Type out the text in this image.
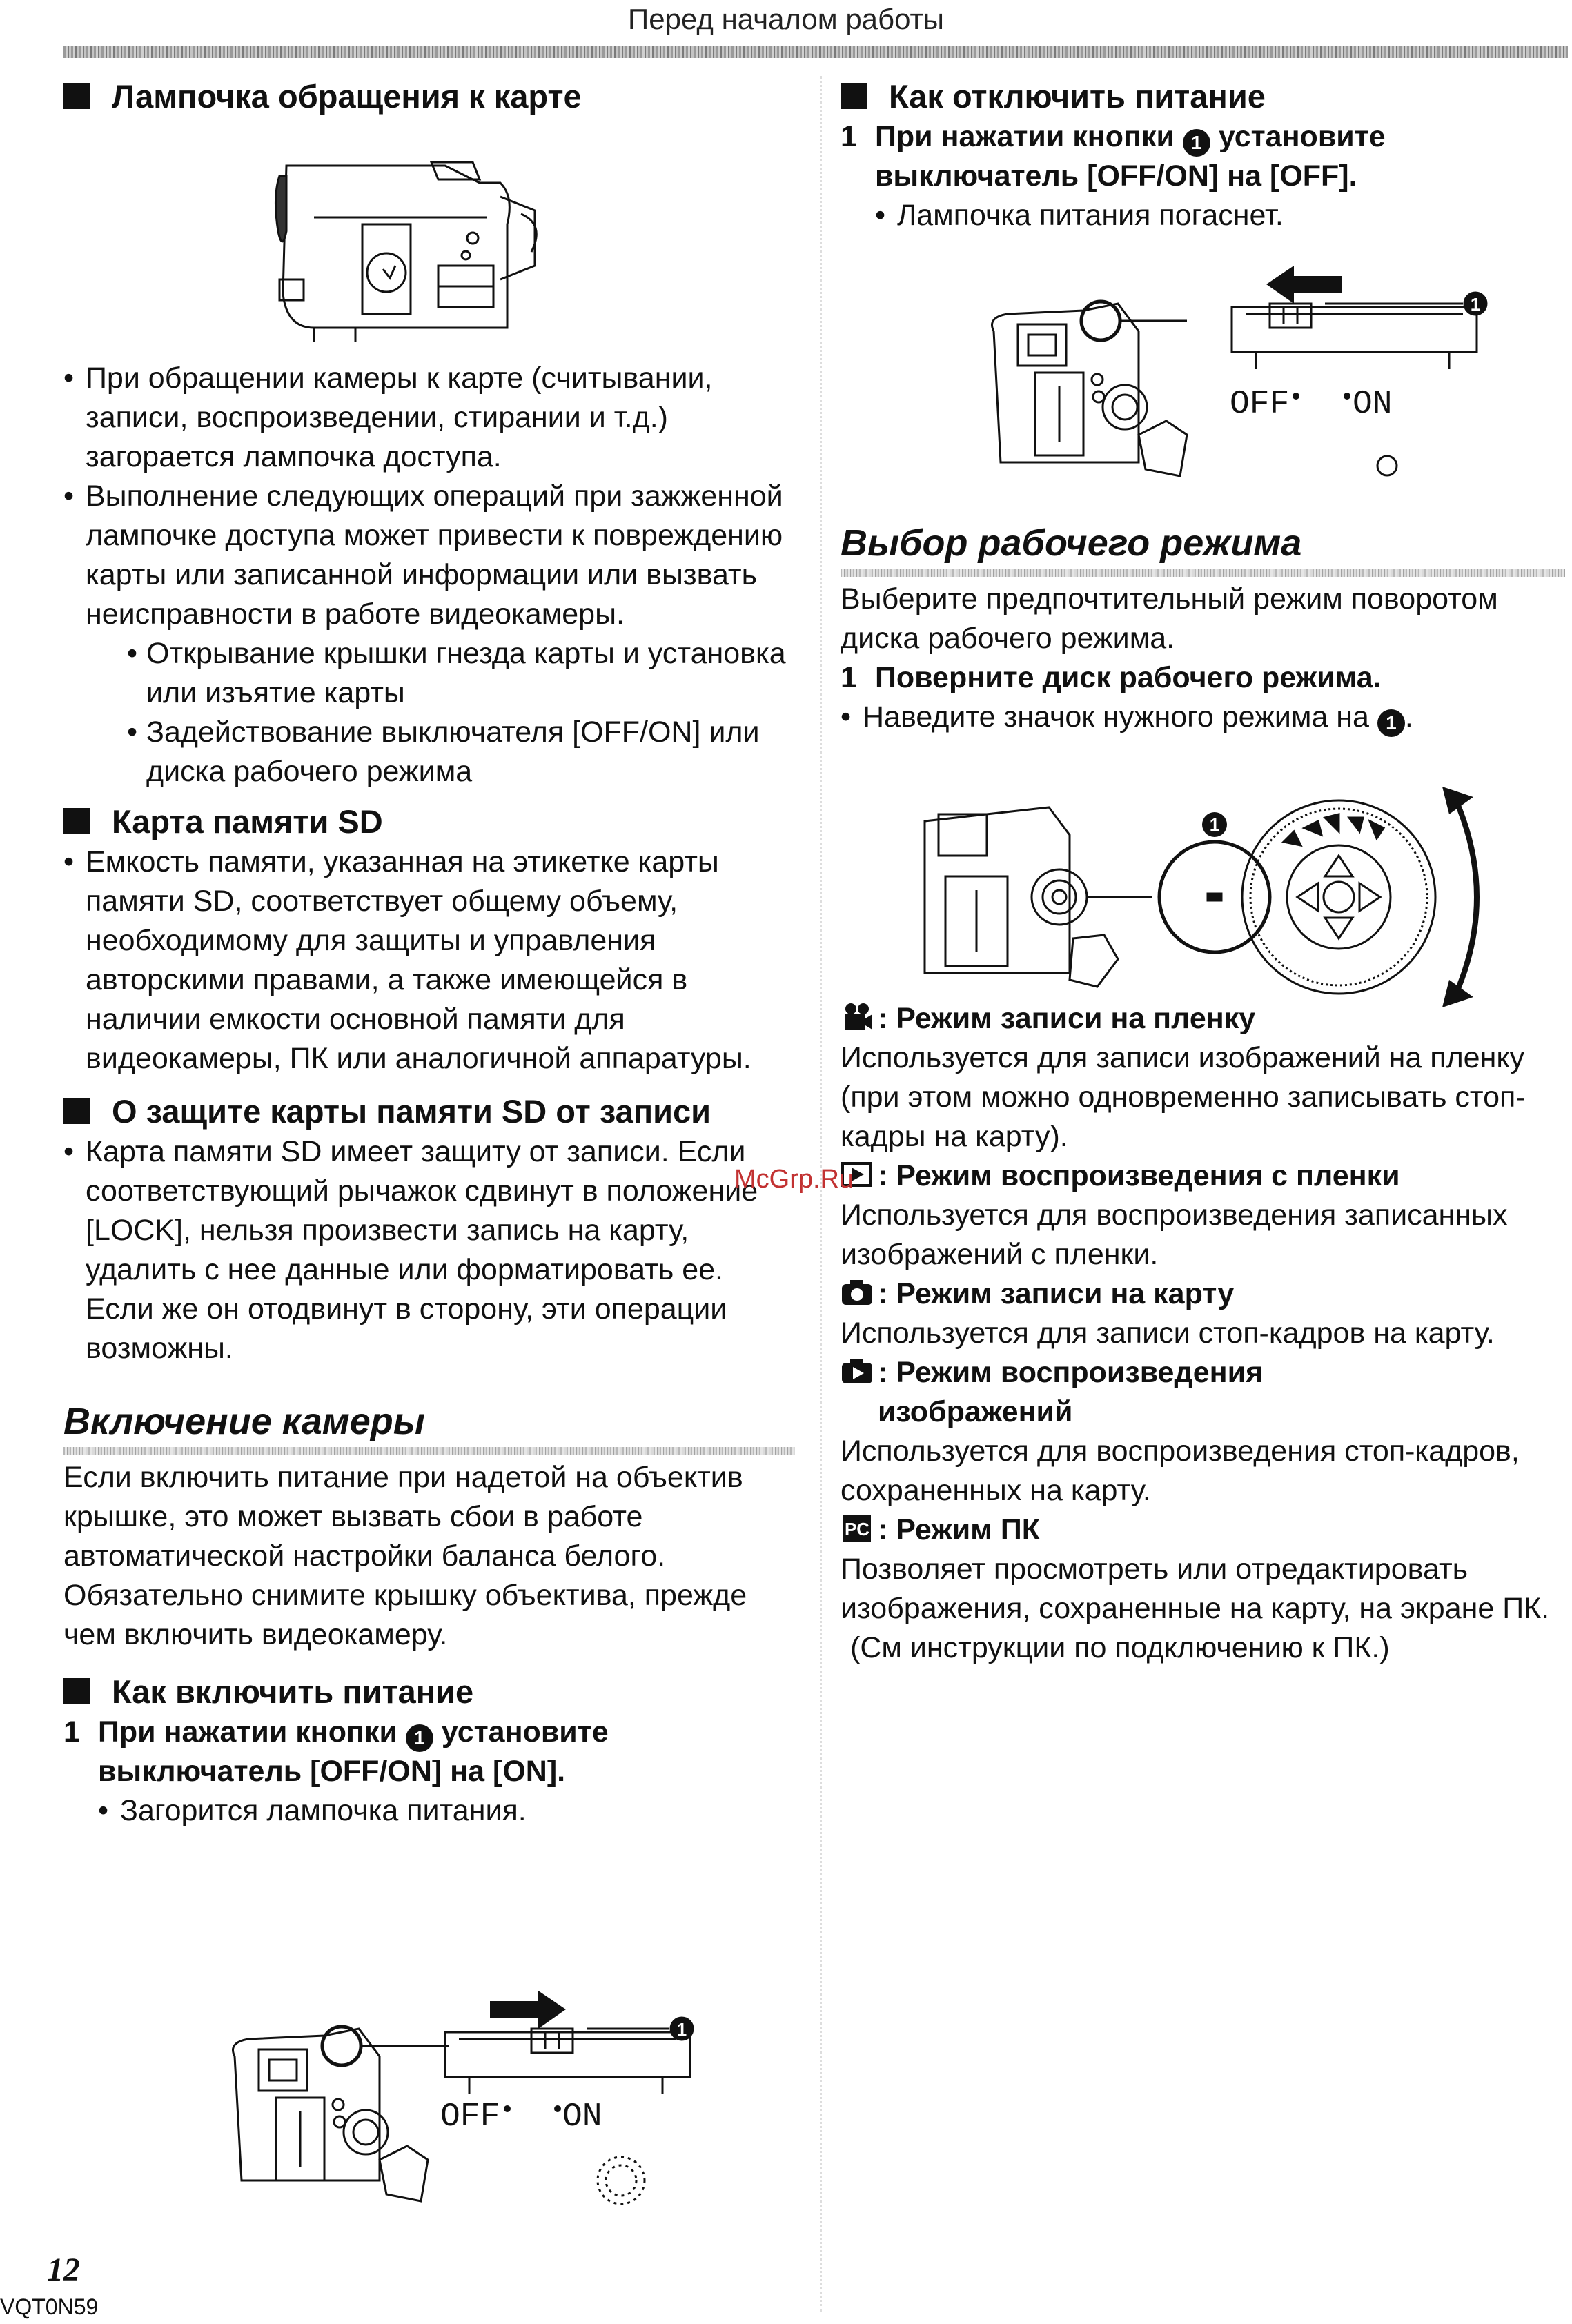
Перед началом работы
Лампочка обращения к карте
• При обращении камеры к карте (считывании, записи, воспроизведении, стирании и т.д.) загорается лампочка доступа.
• Выполнение следующих операций при зажженной лампочке доступа может привести к повреждению карты или записанной информации или вызвать неисправности в работе видеокамеры.
• Открывание крышки гнезда карты и установка или изъятие карты
• Задействование выключателя [OFF/ON] или диска рабочего режима
Карта памяти SD
• Емкость памяти, указанная на этикетке карты памяти SD, соответствует общему объему, необходимому для защиты и управления авторскими правами, а также имеющейся в наличии емкости основной памяти для видеокамеры, ПК или аналогичной аппаратуры.
О защите карты памяти SD от записи
• Карта памяти SD имеет защиту от записи. Если соответствующий рычажок сдвинут в положение [LOCK], нельзя произвести запись на карту, удалить с нее данные или форматировать ее. Если же он отодвинут в сторону, эти операции возможны.
Включение камеры
Если включить питание при надетой на объектив крышке, это может вызвать сбои в работе автоматической настройки баланса белого. Обязательно снимите крышку объектива, прежде чем включить видеокамеру.
Как включить питание
1 При нажатии кнопки 1 установите выключатель [OFF/ON] на [ON].
• Загорится лампочка питания.
1
OFF ON
Как отключить питание
1 При нажатии кнопки 1 установите выключатель [OFF/ON] на [OFF].
• Лампочка питания погаснет.
1
OFF ON
Выбор рабочего режима
Выберите предпочтительный режим поворотом диска рабочего режима.
1 Поверните диск рабочего режима.
• Наведите значок нужного режима на 1 .
1
: Режим записи на пленку
Используется для записи изображений на пленку (при этом можно одновременно записывать стоп-кадры на карту).
: Режим воспроизведения с пленки
Используется для воспроизведения записанных изображений с пленки.
: Режим записи на карту
Используется для записи стоп-кадров на карту.
: Режим воспроизведения изображений
Используется для воспроизведения стоп-кадров, сохраненных на карту.
PC : Режим ПК
Позволяет просмотреть или отредактировать изображения, сохраненные на карту, на экране ПК.
(См инструкции по подключению к ПК.)
McGrp.Ru
12
VQT0N59
